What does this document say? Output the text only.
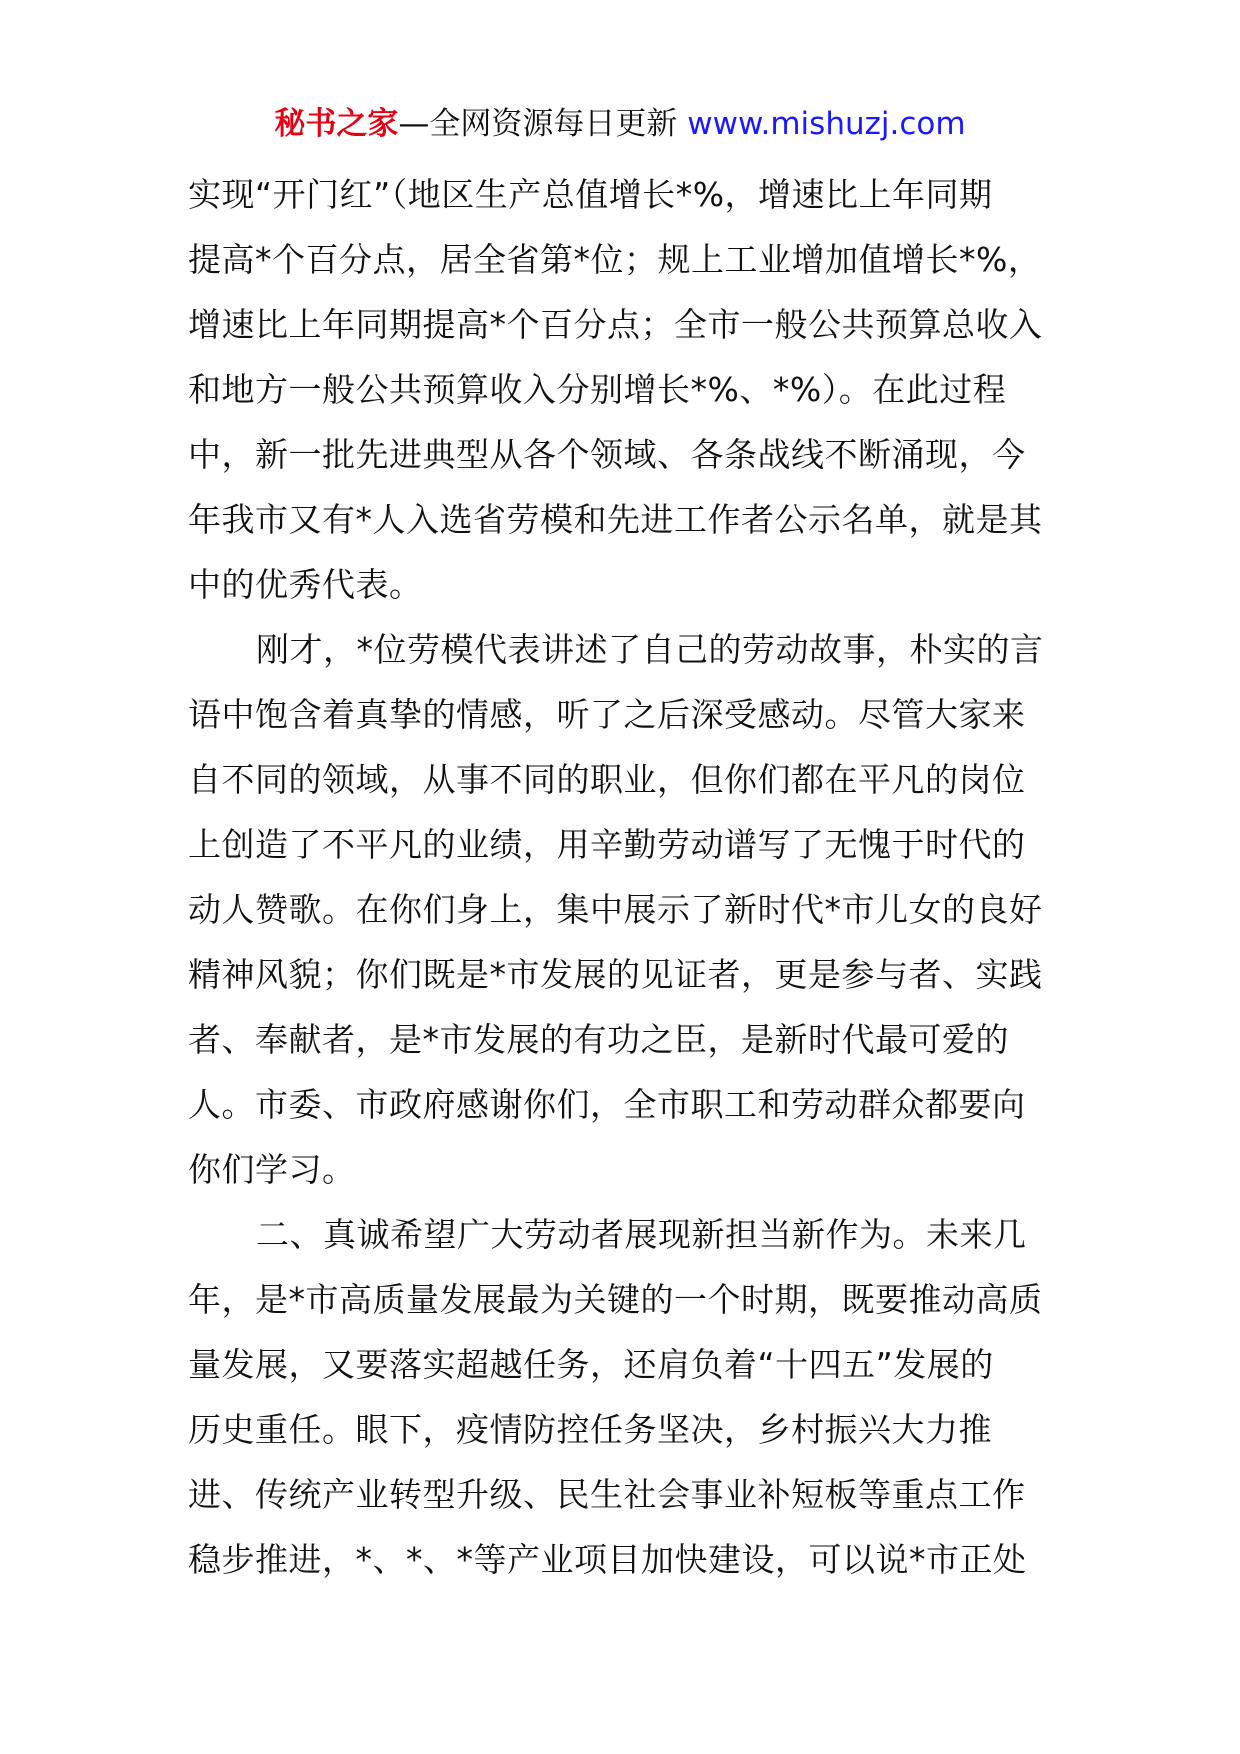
秘书之家—全网资源每日更新 www.mishuzj.com
实现“开门红”（地区生产总值增长*%，增速比上年同期
提高*个百分点，居全省第*位；规上工业增加值增长*%，
增速比上年同期提高*个百分点；全市一般公共预算总收入
和地方一般公共预算收入分别增长*%、*%）。在此过程
中，新一批先进典型从各个领域、各条战线不断涌现，今
年我市又有*人入选省劳模和先进工作者公示名单，就是其
中的优秀代表。
刚才，*位劳模代表讲述了自己的劳动故事，朴实的言
语中饱含着真挚的情感，听了之后深受感动。尽管大家来
自不同的领域，从事不同的职业，但你们都在平凡的岗位
上创造了不平凡的业绩，用辛勤劳动谱写了无愧于时代的
动人赞歌。在你们身上，集中展示了新时代*市儿女的良好
精神风貌；你们既是*市发展的见证者，更是参与者、实践
者、奉献者，是*市发展的有功之臣，是新时代最可爱的
人。市委、市政府感谢你们，全市职工和劳动群众都要向
你们学习。
二、真诚希望广大劳动者展现新担当新作为。未来几
年，是*市高质量发展最为关键的一个时期，既要推动高质
量发展，又要落实超越任务，还肩负着“十四五”发展的
历史重任。眼下，疫情防控任务坚决，乡村振兴大力推
进、传统产业转型升级、民生社会事业补短板等重点工作
稳步推进，*、*、*等产业项目加快建设，可以说*市正处
